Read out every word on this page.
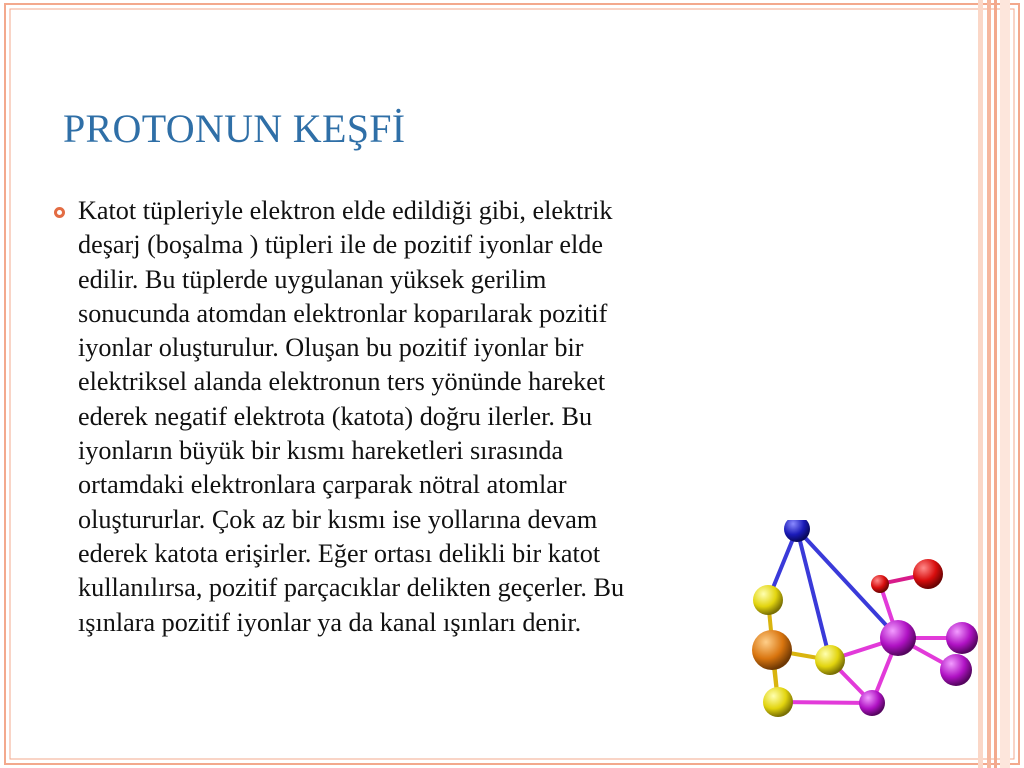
PROTONUN KEŞFİ

Katot tüpleriyle elektron elde edildiği gibi, elektrik
deşarj (boşalma ) tüpleri ile de pozitif iyonlar elde
edilir. Bu tüplerde uygulanan yüksek gerilim
sonucunda atomdan elektronlar koparılarak pozitif
iyonlar oluşturulur. Oluşan bu pozitif iyonlar bir
elektriksel alanda elektronun ters yönünde hareket
ederek negatif elektrota (katota) doğru ilerler. Bu
iyonların büyük bir kısmı hareketleri sırasında
ortamdaki elektronlara çarparak nötral atomlar
oluştururlar. Çok az bir kısmı ise yollarına devam
ederek katota erişirler. Eğer ortası delikli bir katot
kullanılırsa, pozitif parçacıklar delikten geçerler. Bu
ışınlara pozitif iyonlar ya da kanal ışınları denir.
